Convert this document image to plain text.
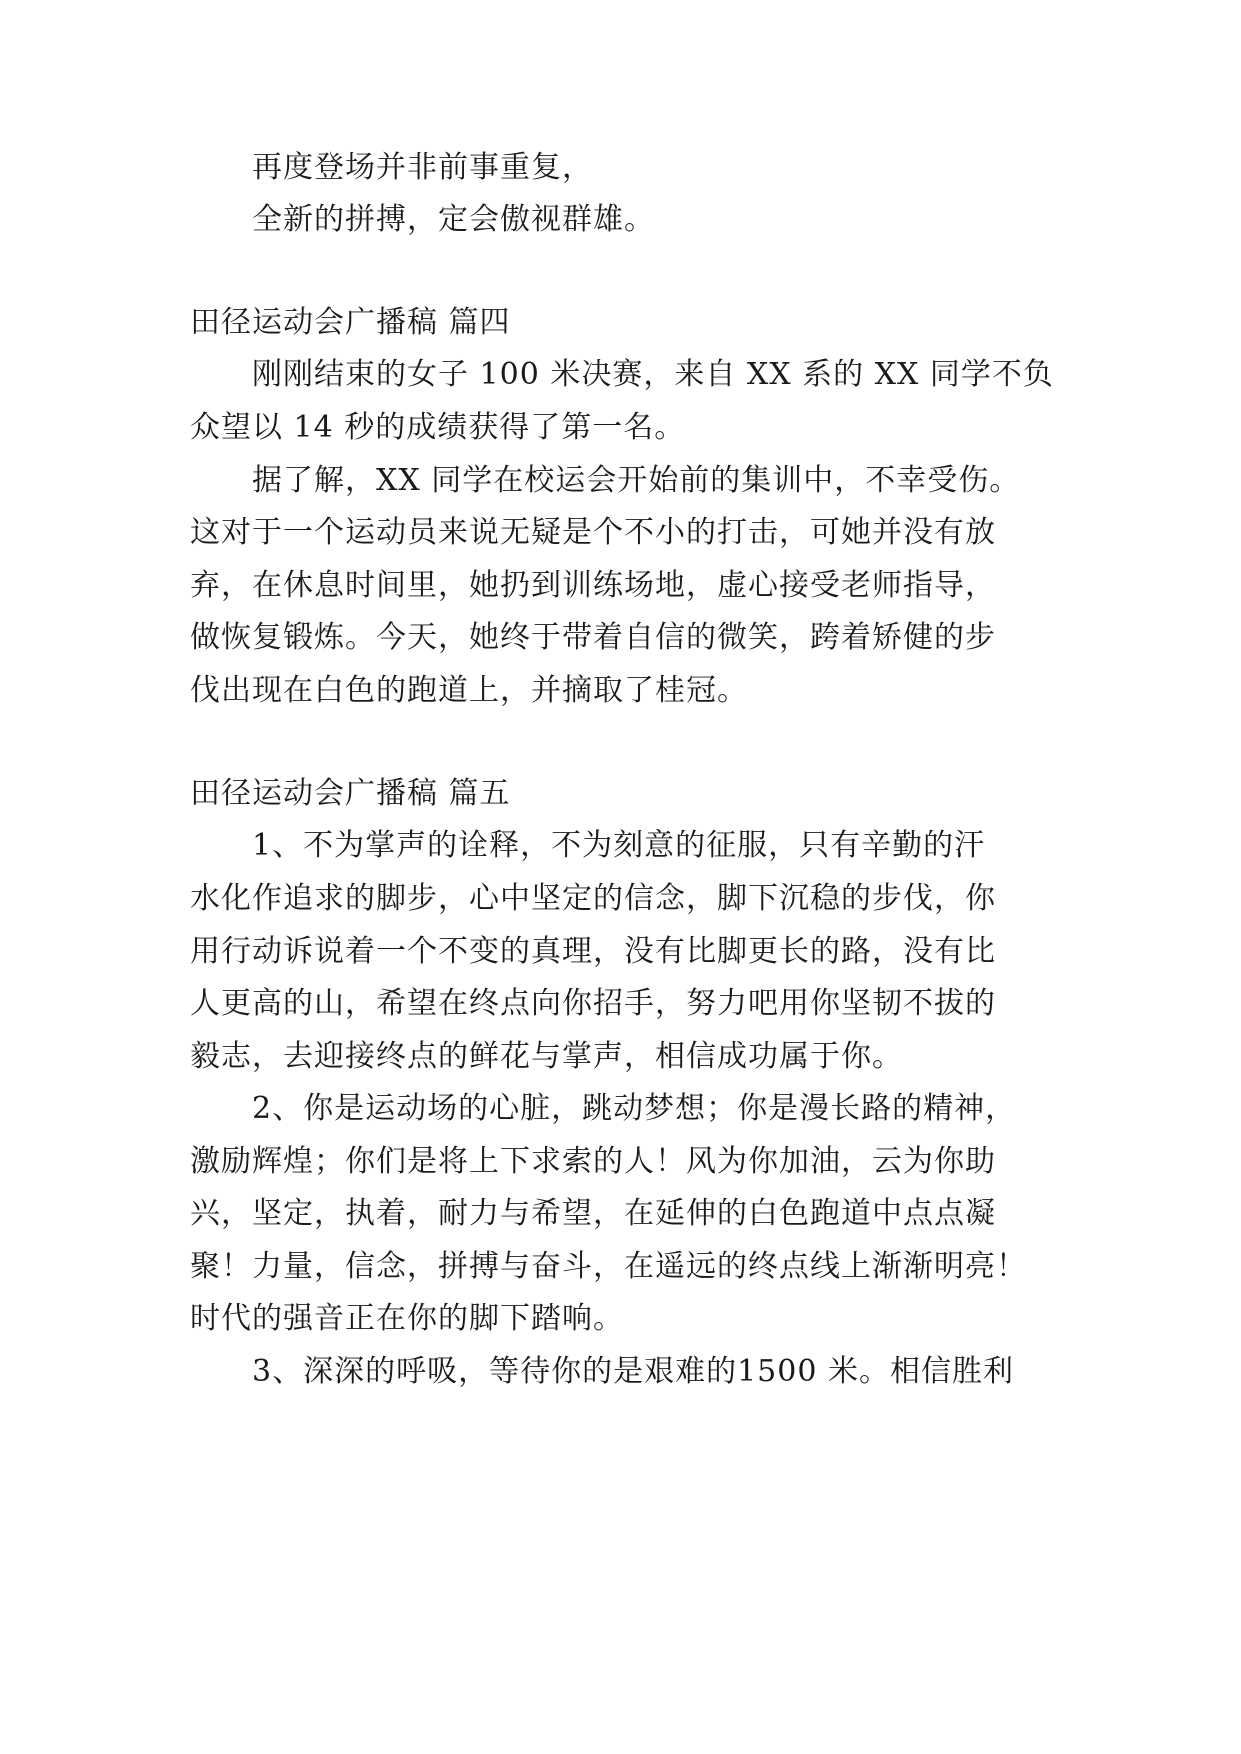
再度登场并非前事重复，
全新的拼搏，定会傲视群雄。
田径运动会广播稿 篇四
刚刚结束的女子 100 米决赛，来自 XX 系的 XX 同学不负
众望以 14 秒的成绩获得了第一名。
据了解，XX 同学在校运会开始前的集训中，不幸受伤。
这对于一个运动员来说无疑是个不小的打击，可她并没有放
弃，在休息时间里，她扔到训练场地，虚心接受老师指导，
做恢复锻炼。今天，她终于带着自信的微笑，跨着矫健的步
伐出现在白色的跑道上，并摘取了桂冠。
田径运动会广播稿 篇五
1、不为掌声的诠释，不为刻意的征服，只有辛勤的汗
水化作追求的脚步，心中坚定的信念，脚下沉稳的步伐，你
用行动诉说着一个不变的真理，没有比脚更长的路，没有比
人更高的山，希望在终点向你招手，努力吧用你坚韧不拔的
毅志，去迎接终点的鲜花与掌声，相信成功属于你。
2、你是运动场的心脏，跳动梦想；你是漫长路的精神，
激励辉煌；你们是将上下求索的人！风为你加油，云为你助
兴，坚定，执着，耐力与希望，在延伸的白色跑道中点点凝
聚！力量，信念，拼搏与奋斗，在遥远的终点线上渐渐明亮！
时代的强音正在你的脚下踏响。
3、深深的呼吸，等待你的是艰难的1500 米。相信胜利
